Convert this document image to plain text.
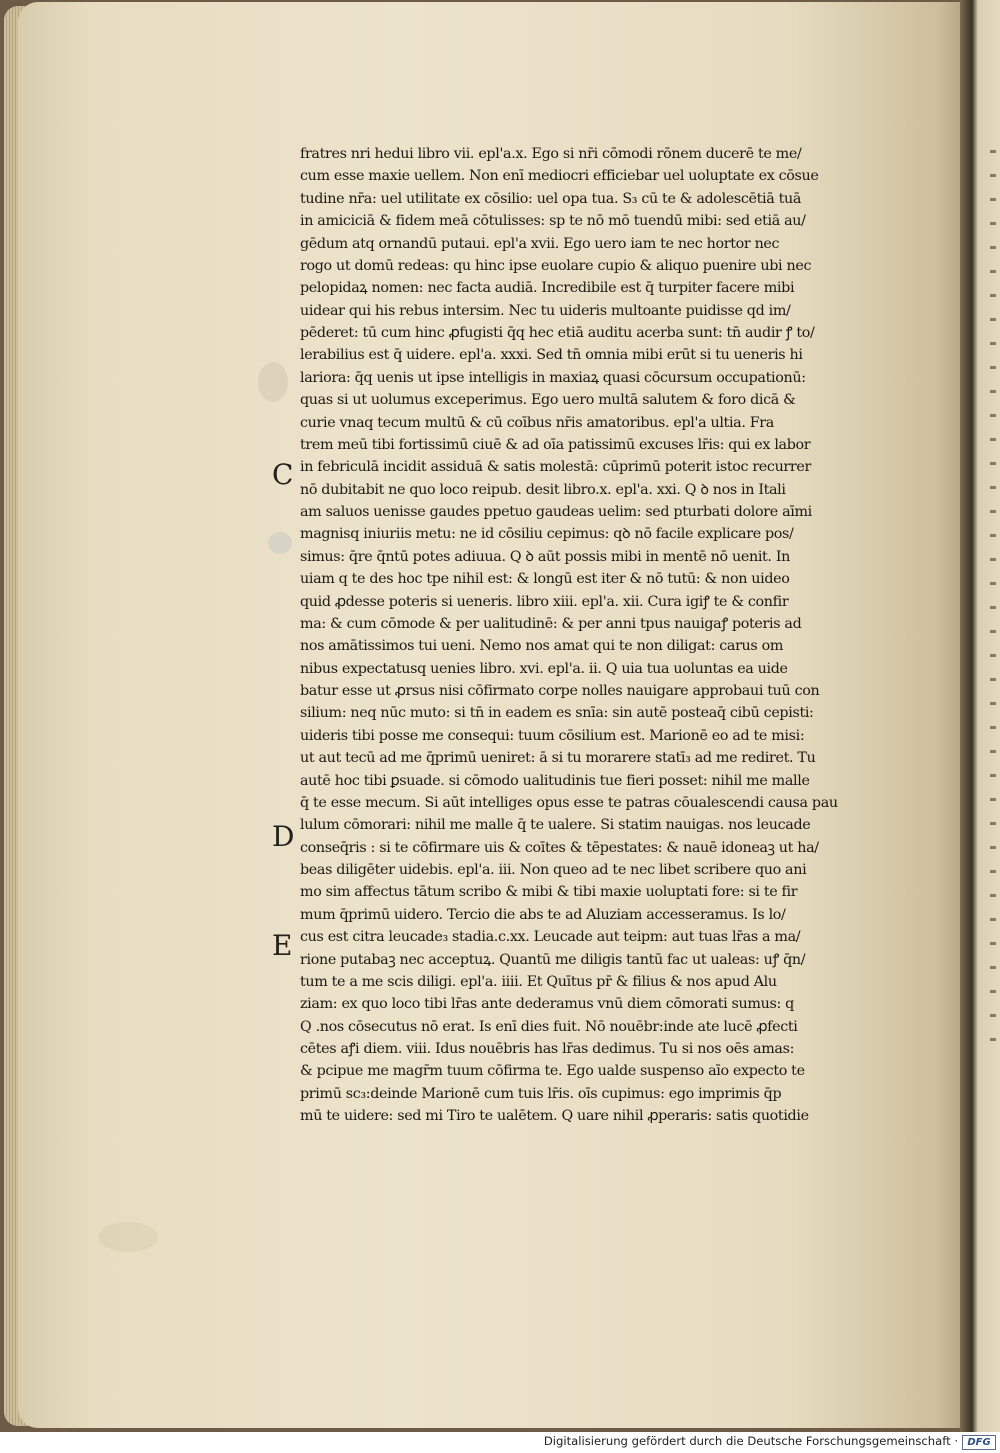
C
D
E
fratres nri hedui libro vii. epl'a.x. Ego si nr̄i cōmodi rōnem ducerē te me/
cum esse maxie uellem. Non enī mediocri efficiebar uel uoluptate ex cōsue
tudine nr̄a: uel utilitate ex cōsilio: uel opa tua. S₃ cū te & adolescētiā tuā
in amiciciā & fidem meā cōtulisses: sp te nō mō tuendū mibi: sed etiā au/
gēdum atq ornandū putaui. epl'a xvii. Ego uero iam te nec hortor nec
rogo ut domū redeas: qu hinc ipse euolare cupio & aliquo puenire ubi nec
pelopidaꝝ nomen: nec facta audiā. Incredibile est q̄ turpiter facere mibi
uidear qui his rebus intersim. Nec tu uideris multoante puidisse qd im/
pēderet: tū cum hinc ꝓfugisti q̄q hec etiā auditu acerba sunt: tn̄ audir ꝭ to/
lerabilius est q̄ uidere. epl'a. xxxi. Sed tn̄ omnia mibi erūt si tu ueneris hi
lariora: q̄q uenis ut ipse intelligis in maxiaꝝ quasi cōcursum occupationū:
quas si ut uolumus exceperimus. Ego uero multā salutem & foro dicā &
curie vnaq tecum multū & cū coībus nr̄is amatoribus. epl'a ultia. Fra
trem meū tibi fortissimū ciuē & ad oīa patissimū excuses lr̄is: qui ex labor
in febriculā incidit assiduā & satis molestā: cūprimū poterit istoc recurrer
nō dubitabit ne quo loco reipub. desit libro.x. epl'a. xxi. Q ꝺ nos in Itali
am saluos uenisse gaudes ppetuo gaudeas uelim: sed pturbati dolore aīmi
magnisq iniuriis metu: ne id cōsiliu cepimus: qꝺ nō facile explicare pos/
simus: q̄re q̄ntū potes adiuua. Q ꝺ aūt possis mibi in mentē nō uenit. In
uiam q te des hoc tpe nihil est: & longū est iter & nō tutū: & non uideo
quid ꝓdesse poteris si ueneris. libro xiii. epl'a. xii. Cura igiꝭ te & confir
ma: & cum cōmode & per ualitudinē: & per anni tpus nauigaꝭ poteris ad
nos amātissimos tui ueni. Nemo nos amat qui te non diligat: carus om
nibus expectatusq uenies libro. xvi. epl'a. ii. Q uia tua uoluntas ea uide
batur esse ut ꝓrsus nisi cōfirmato corpe nolles nauigare approbaui tuū con
silium: neq nūc muto: si tn̄ in eadem es snīa: sin autē posteaq̄ cibū cepisti:
uideris tibi posse me consequi: tuum cōsilium est. Marionē eo ad te misi:
ut aut tecū ad me q̄primū ueniret: ā si tu morarere statī₃ ad me rediret. Tu
autē hoc tibi ꝑsuade. si cōmodo ualitudinis tue fieri posset: nihil me malle
q̄ te esse mecum. Si aūt intelliges opus esse te patras cōualescendi causa pau
lulum cōmorari: nihil me malle q̄ te ualere. Si statim nauigas. nos leucade
conseq̄ris : si te cōfirmare uis & coītes & tēpestates: & nauē idoneaꝫ ut ha/
beas diligēter uidebis. epl'a. iii. Non queo ad te nec libet scribere quo ani
mo sim affectus tātum scribo & mibi & tibi maxie uoluptati fore: si te fir
mum q̄primū uidero. Tercio die abs te ad Aluziam accesseramus. Is lo/
cus est citra leucade₃ stadia.c.xx. Leucade aut teipm: aut tuas lr̄as a ma/
rione putabaꝫ nec acceptuꝝ. Quantū me diligis tantū fac ut ualeas: uꝭ q̄n/
tum te a me scis diligi. epl'a. iiii. Et Quītus pr̄ & filius & nos apud Alu
ziam: ex quo loco tibi lr̄as ante dederamus vnū diem cōmorati sumus: q
Q .nos cōsecutus nō erat. Is enī dies fuit. Nō nouēbr:inde ate lucē ꝓfecti
cētes aꝭi diem. viii. Idus nouēbris has lr̄as dedimus. Tu si nos oēs amas:
& pcipue me magr̄m tuum cōfirma te. Ego ualde suspenso aīo expecto te
primū sc₃:deinde Marionē cum tuis lr̄is. oīs cupimus: ego imprimis q̄p
mū te uidere: sed mi Tiro te ualētem. Q uare nihil ꝓperaris: satis quotidie
Digitalisierung gefördert durch die Deutsche Forschungsgemeinschaft · DFG
